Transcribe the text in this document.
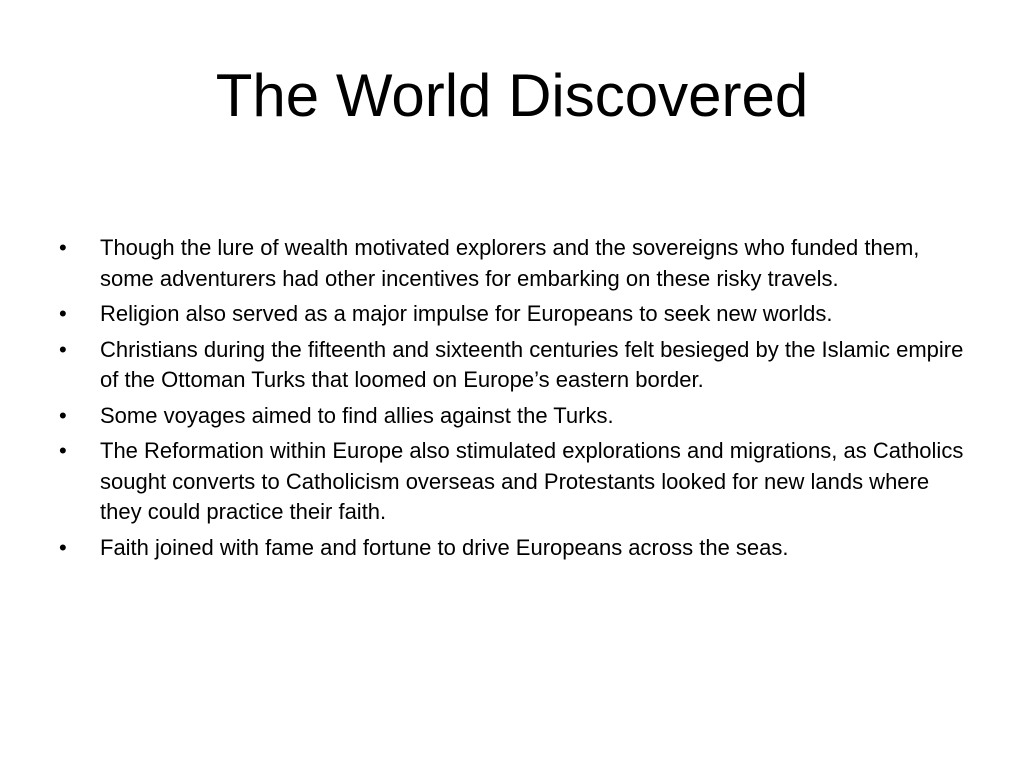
The World Discovered
• Though the lure of wealth motivated explorers and the sovereigns who funded them, some adventurers had other incentives for embarking on these risky travels.
• Religion also served as a major impulse for Europeans to seek new worlds.
• Christians during the fifteenth and sixteenth centuries felt besieged by the Islamic empire of the Ottoman Turks that loomed on Europe’s eastern border.
• Some voyages aimed to find allies against the Turks.
• The Reformation within Europe also stimulated explorations and migrations, as Catholics sought converts to Catholicism overseas and Protestants looked for new lands where they could practice their faith.
• Faith joined with fame and fortune to drive Europeans across the seas.
